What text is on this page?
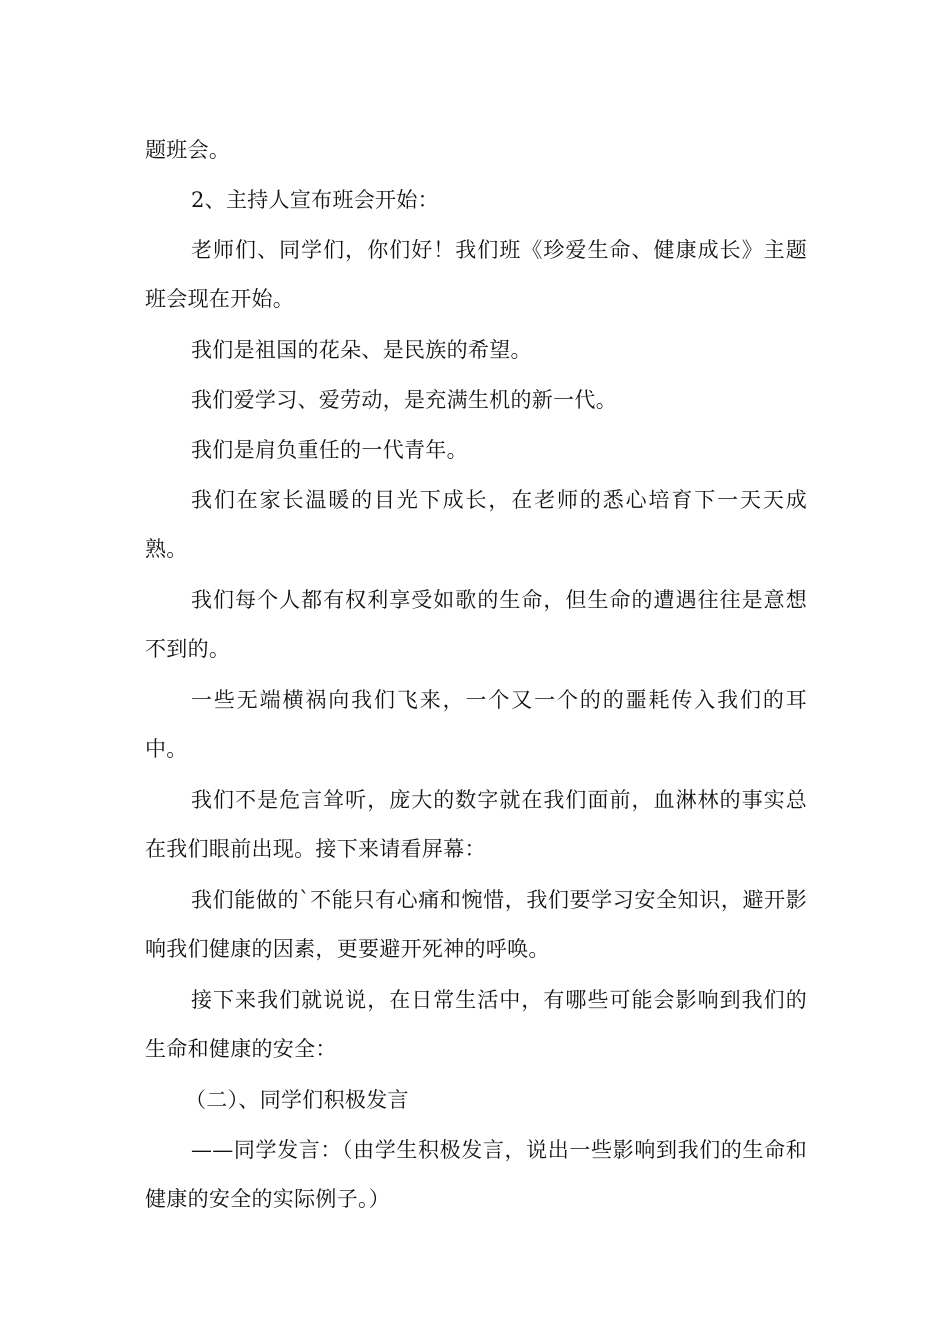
题班会。

2、主持人宣布班会开始：

老师们、同学们，你们好！我们班《珍爱生命、健康成长》主题班会现在开始。

我们是祖国的花朵、是民族的希望。

我们爱学习、爱劳动，是充满生机的新一代。

我们是肩负重任的一代青年。

我们在家长温暖的目光下成长，在老师的悉心培育下一天天成熟。

我们每个人都有权利享受如歌的生命，但生命的遭遇往往是意想不到的。

一些无端横祸向我们飞来，一个又一个的的噩耗传入我们的耳中。

我们不是危言耸听，庞大的数字就在我们面前，血淋林的事实总在我们眼前出现。接下来请看屏幕：

我们能做的`不能只有心痛和惋惜，我们要学习安全知识，避开影响我们健康的因素，更要避开死神的呼唤。

接下来我们就说说，在日常生活中，有哪些可能会影响到我们的生命和健康的安全：

（二）、同学们积极发言

——同学发言：（由学生积极发言，说出一些影响到我们的生命和健康的安全的实际例子。）
